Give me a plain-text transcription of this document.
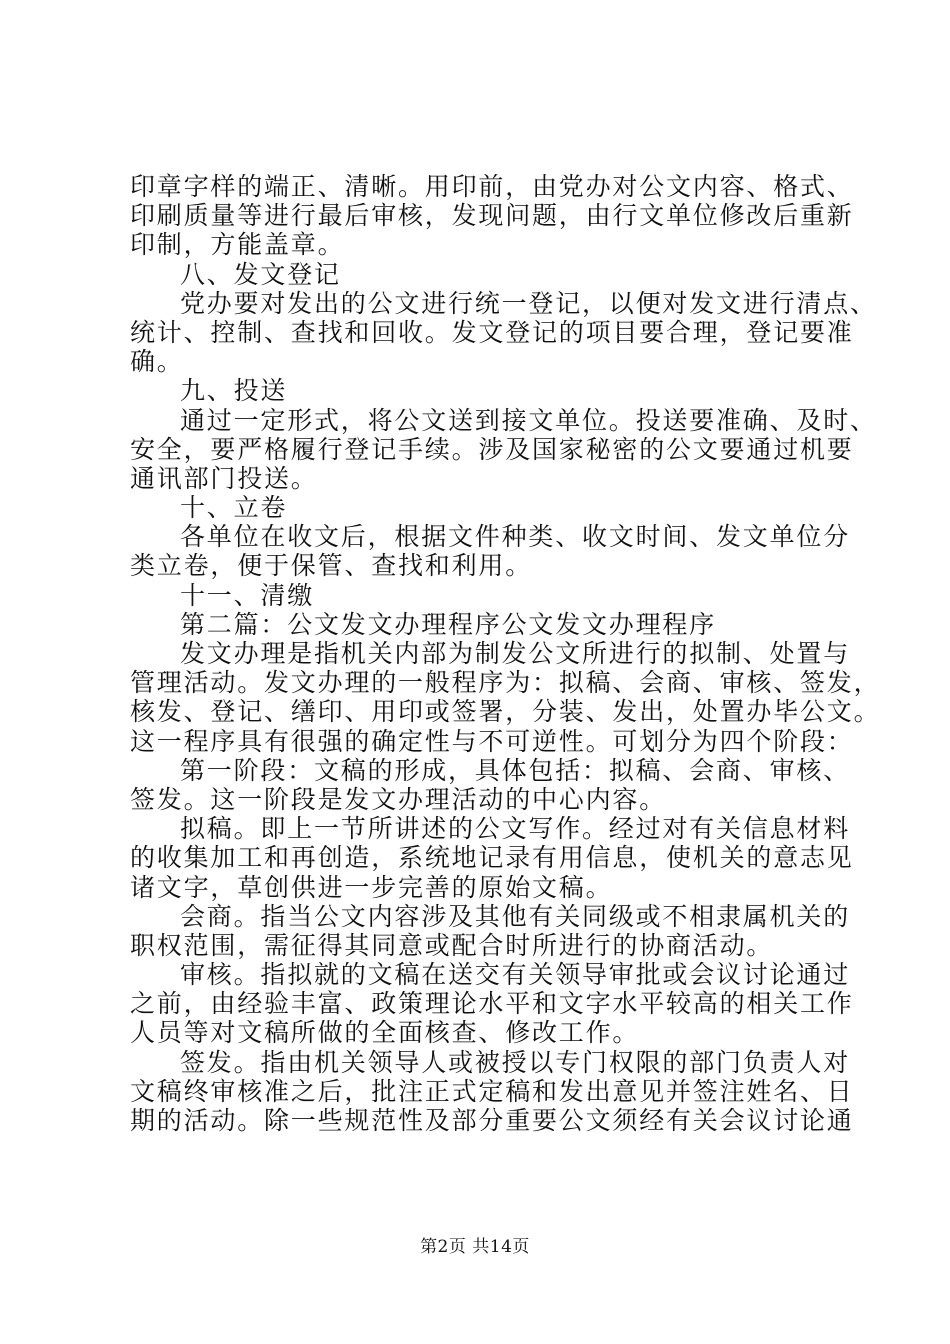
印章字样的端正、清晰。用印前，由党办对公文内容、格式、
印刷质量等进行最后审核，发现问题，由行文单位修改后重新
印制，方能盖章。
八、发文登记
党办要对发出的公文进行统一登记，以便对发文进行清点、
统计、控制、查找和回收。发文登记的项目要合理，登记要准
确。
九、投送
通过一定形式，将公文送到接文单位。投送要准确、及时、
安全，要严格履行登记手续。涉及国家秘密的公文要通过机要
通讯部门投送。
十、立卷
各单位在收文后，根据文件种类、收文时间、发文单位分
类立卷，便于保管、查找和利用。
十一、清缴
第二篇：公文发文办理程序公文发文办理程序
发文办理是指机关内部为制发公文所进行的拟制、处置与
管理活动。发文办理的一般程序为：拟稿、会商、审核、签发，
核发、登记、缮印、用印或签署，分装、发出，处置办毕公文。
这一程序具有很强的确定性与不可逆性。可划分为四个阶段：
第一阶段：文稿的形成，具体包括：拟稿、会商、审核、
签发。这一阶段是发文办理活动的中心内容。
拟稿。即上一节所讲述的公文写作。经过对有关信息材料
的收集加工和再创造，系统地记录有用信息，使机关的意志见
诸文字，草创供进一步完善的原始文稿。
会商。指当公文内容涉及其他有关同级或不相隶属机关的
职权范围，需征得其同意或配合时所进行的协商活动。
审核。指拟就的文稿在送交有关领导审批或会议讨论通过
之前，由经验丰富、政策理论水平和文字水平较高的相关工作
人员等对文稿所做的全面核查、修改工作。
签发。指由机关领导人或被授以专门权限的部门负责人对
文稿终审核准之后，批注正式定稿和发出意见并签注姓名、日
期的活动。除一些规范性及部分重要公文须经有关会议讨论通
第2页 共14页
